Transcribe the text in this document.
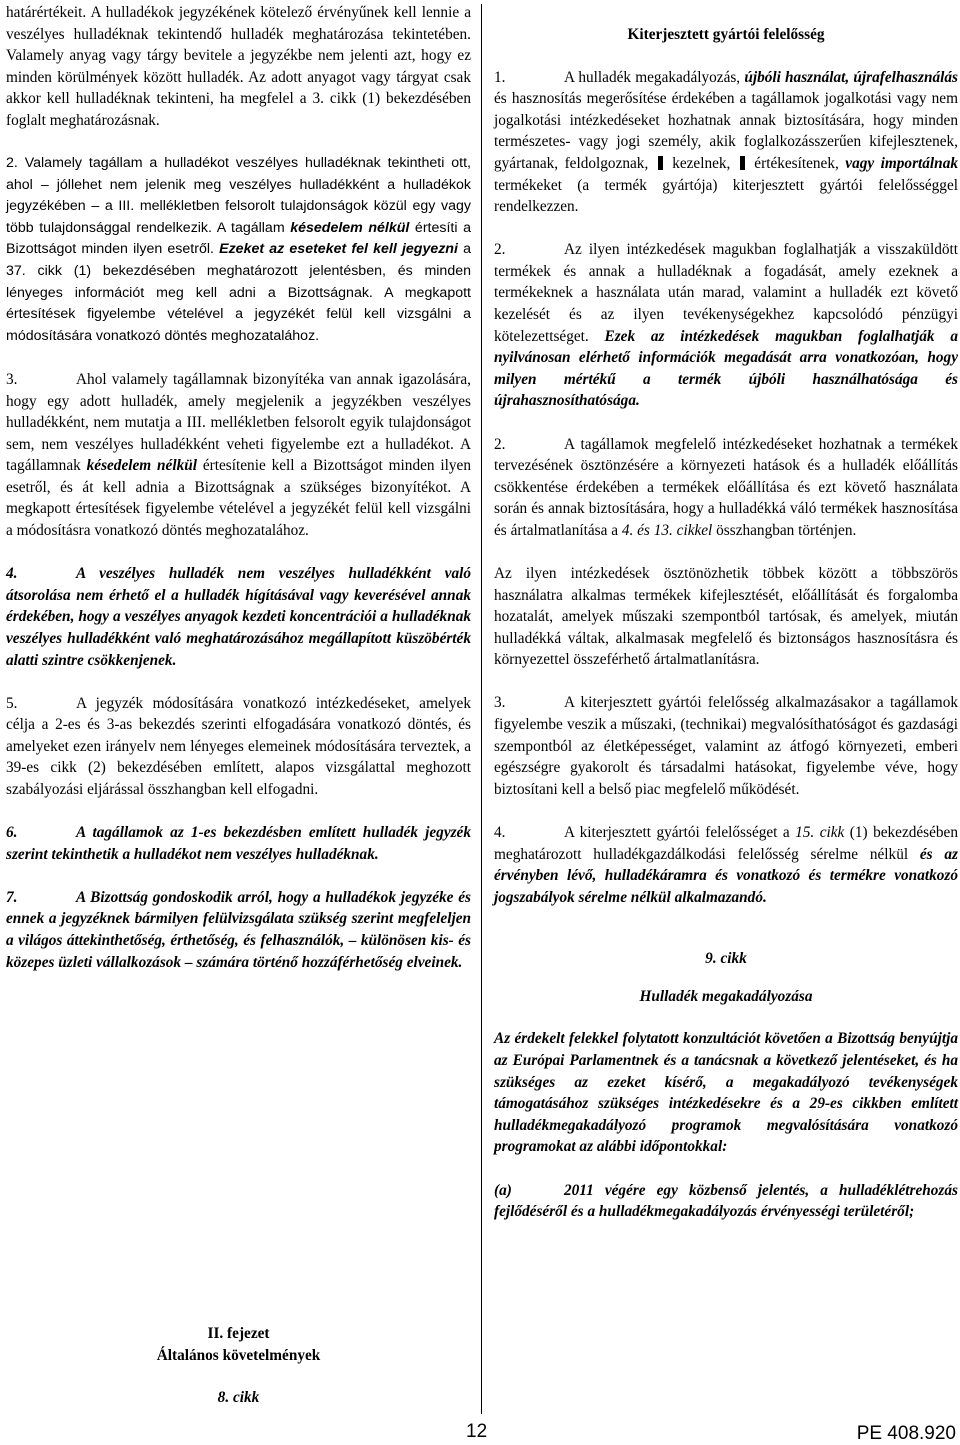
határértékeit. A hulladékok jegyzékének kötelező érvényűnek kell lennie a veszélyes hulladéknak tekintendő hulladék meghatározása tekintetében. Valamely anyag vagy tárgy bevitele a jegyzékbe nem jelenti azt, hogy ez minden körülmények között hulladék. Az adott anyagot vagy tárgyat csak akkor kell hulladéknak tekinteni, ha megfelel a 3. cikk (1) bekezdésében foglalt meghatározásnak.

2. Valamely tagállam a hulladékot veszélyes hulladéknak tekintheti ott, ahol – jóllehet nem jelenik meg veszélyes hulladékként a hulladékok jegyzékében – a III. mellékletben felsorolt tulajdonságok közül egy vagy több tulajdonsággal rendelkezik. A tagállam késedelem nélkül értesíti a Bizottságot minden ilyen esetről. Ezeket az eseteket fel kell jegyezni a 37. cikk (1) bekezdésében meghatározott jelentésben, és minden lényeges információt meg kell adni a Bizottságnak. A megkapott értesítések figyelembe vételével a jegyzékét felül kell vizsgálni a módosítására vonatkozó döntés meghozatalához.

3.	Ahol valamely tagállamnak bizonyítéka van annak igazolására, hogy egy adott hulladék, amely megjelenik a jegyzékben veszélyes hulladékként, nem mutatja a III. mellékletben felsorolt egyik tulajdonságot sem, nem veszélyes hulladékként veheti figyelembe ezt a hulladékot. A tagállamnak késedelem nélkül értesítenie kell a Bizottságot minden ilyen esetről, és át kell adnia a Bizottságnak a szükséges bizonyítékot. A megkapott értesítések figyelembe vételével a jegyzékét felül kell vizsgálni a módosításra vonatkozó döntés meghozatalához.

4.	A veszélyes hulladék nem veszélyes hulladékként való átsorolása nem érhető el a hulladék hígításával vagy keverésével annak érdekében, hogy a veszélyes anyagok kezdeti koncentrációi a hulladéknak veszélyes hulladékként való meghatározásához megállapított küszöbérték alatti szintre csökkenjenek.

5.	A jegyzék módosítására vonatkozó intézkedéseket, amelyek célja a 2-es és 3-as bekezdés szerinti elfogadására vonatkozó döntés, és amelyeket ezen irányelv nem lényeges elemeinek módosítására terveztek, a 39-es cikk (2) bekezdésében említett, alapos vizsgálattal meghozott szabályozási eljárással összhangban kell elfogadni.

6.	A tagállamok az 1-es bekezdésben említett hulladék jegyzék szerint tekinthetik a hulladékot nem veszélyes hulladéknak.

7.	A Bizottság gondoskodik arról, hogy a hulladékok jegyzéke és ennek a jegyzéknek bármilyen felülvizsgálata szükség szerint megfeleljen a világos áttekinthetőség, érthetőség, és felhasználók, – különösen kis- és közepes üzleti vállalkozások – számára történő hozzáférhetőség elveinek.

II. fejezet
Általános követelmények
8. cikk

Kiterjesztett gyártói felelősség

1.	A hulladék megakadályozás, újbóli használat, újrafelhasználás és hasznosítás megerősítése érdekében a tagállamok jogalkotási vagy nem jogalkotási intézkedéseket hozhatnak annak biztosítására, hogy minden természetes- vagy jogi személy, akik foglalkozásszerűen kifejlesztenek, gyártanak, feldolgoznak,  kezelnek,  értékesítenek, vagy importálnak termékeket (a termék gyártója) kiterjesztett gyártói felelősséggel rendelkezzen.

2.	Az ilyen intézkedések magukban foglalhatják a visszaküldött termékek és annak a hulladéknak a fogadását, amely ezeknek a termékeknek a használata után marad, valamint a hulladék ezt követő kezelését és az ilyen tevékenységekhez kapcsolódó pénzügyi kötelezettséget. Ezek az intézkedések magukban foglalhatják a nyilvánosan elérhető információk megadását arra vonatkozóan, hogy milyen mértékű a termék újbóli használhatósága és újrahasznosíthatósága.

2.	A tagállamok megfelelő intézkedéseket hozhatnak a termékek tervezésének ösztönzésére a környezeti hatások és a hulladék előállítás csökkentése érdekében a termékek előállítása és ezt követő használata során és annak biztosítására, hogy a hulladékká váló termékek hasznosítása és ártalmatlanítása a 4. és 13. cikkel összhangban történjen.

Az ilyen intézkedések ösztönözhetik többek között a többszörös használatra alkalmas termékek kifejlesztését, előállítását és forgalomba hozatalát, amelyek műszaki szempontból tartósak, és amelyek, miután hulladékká váltak, alkalmasak megfelelő és biztonságos hasznosításra és környezettel összeférhető ártalmatlanításra.

3.	A kiterjesztett gyártói felelősség alkalmazásakor a tagállamok figyelembe veszik a műszaki, (technikai) megvalósíthatóságot és gazdasági szempontból az életképességet, valamint az átfogó környezeti, emberi egészségre gyakorolt és társadalmi hatásokat, figyelembe véve, hogy biztosítani kell a belső piac megfelelő működését.

4.	A kiterjesztett gyártói felelősséget a 15. cikk (1) bekezdésében meghatározott hulladékgazdálkodási felelősség sérelme nélkül és az érvényben lévő, hulladékáramra és vonatkozó és termékre vonatkozó jogszabályok sérelme nélkül alkalmazandó.

9. cikk

Hulladék megakadályozása

Az érdekelt felekkel folytatott konzultációt követően a Bizottság benyújtja az Európai Parlamentnek és a tanácsnak a következő jelentéseket, és ha szükséges az ezeket kísérő, a megakadályozó tevékenységek támogatásához szükséges intézkedésekre és a 29-es cikkben említett hulladékmegakadályozó programok megvalósítására vonatkozó programokat az alábbi időpontokkal:

(a)	2011 végére egy közbenső jelentés, a hulladéklétrehozás fejlődéséről és a hulladékmegakadályozás érvényességi területéről;

12	PE 408.920
